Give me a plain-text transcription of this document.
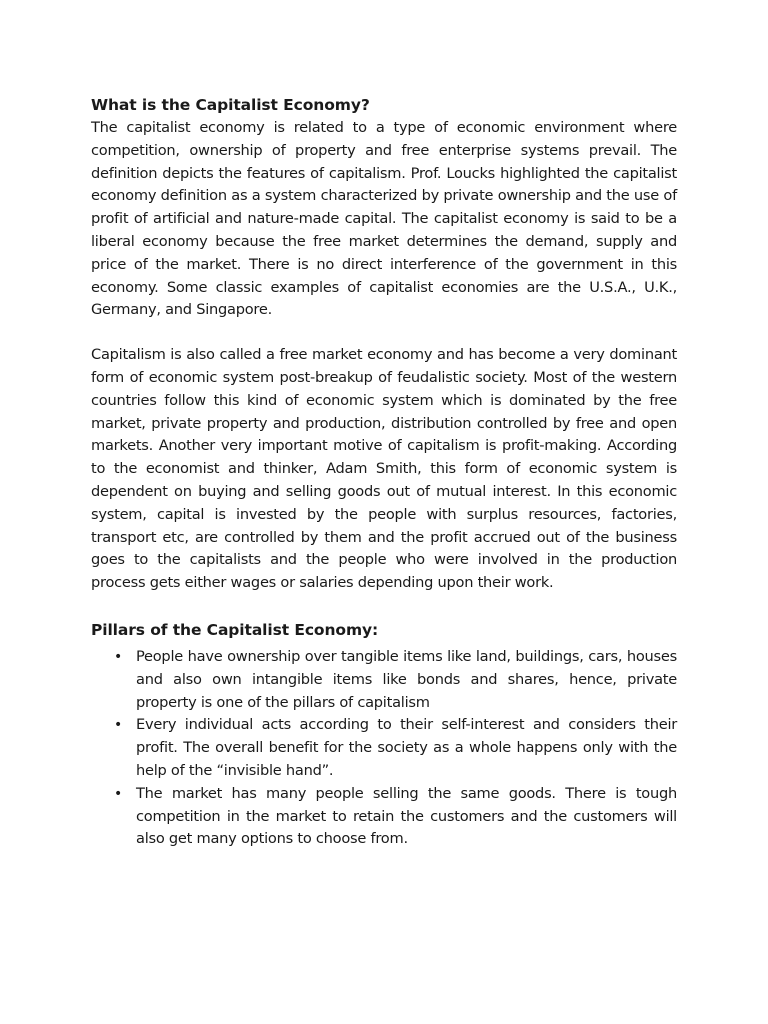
What is the Capitalist Economy?

The capitalist economy is related to a type of economic environment where competition, ownership of property and free enterprise systems prevail. The definition depicts the features of capitalism. Prof. Loucks highlighted the capitalist economy definition as a system characterized by private ownership and the use of profit of artificial and nature-made capital. The capitalist economy is said to be a liberal economy because the free market determines the demand, supply and price of the market. There is no direct interference of the government in this economy. Some classic examples of capitalist economies are the U.S.A., U.K., Germany, and Singapore.

Capitalism is also called a free market economy and has become a very dominant form of economic system post-breakup of feudalistic society. Most of the western countries follow this kind of economic system which is dominated by the free market, private property and production, distribution controlled by free and open markets. Another very important motive of capitalism is profit-making. According to the economist and thinker, Adam Smith, this form of economic system is dependent on buying and selling goods out of mutual interest. In this economic system, capital is invested by the people with surplus resources, factories, transport etc, are controlled by them and the profit accrued out of the business goes to the capitalists and the people who were involved in the production process gets either wages or salaries depending upon their work.

Pillars of the Capitalist Economy:
• People have ownership over tangible items like land, buildings, cars, houses and also own intangible items like bonds and shares, hence, private property is one of the pillars of capitalism
• Every individual acts according to their self-interest and considers their profit. The overall benefit for the society as a whole happens only with the help of the “invisible hand”.
• The market has many people selling the same goods. There is tough competition in the market to retain the customers and the customers will also get many options to choose from.
